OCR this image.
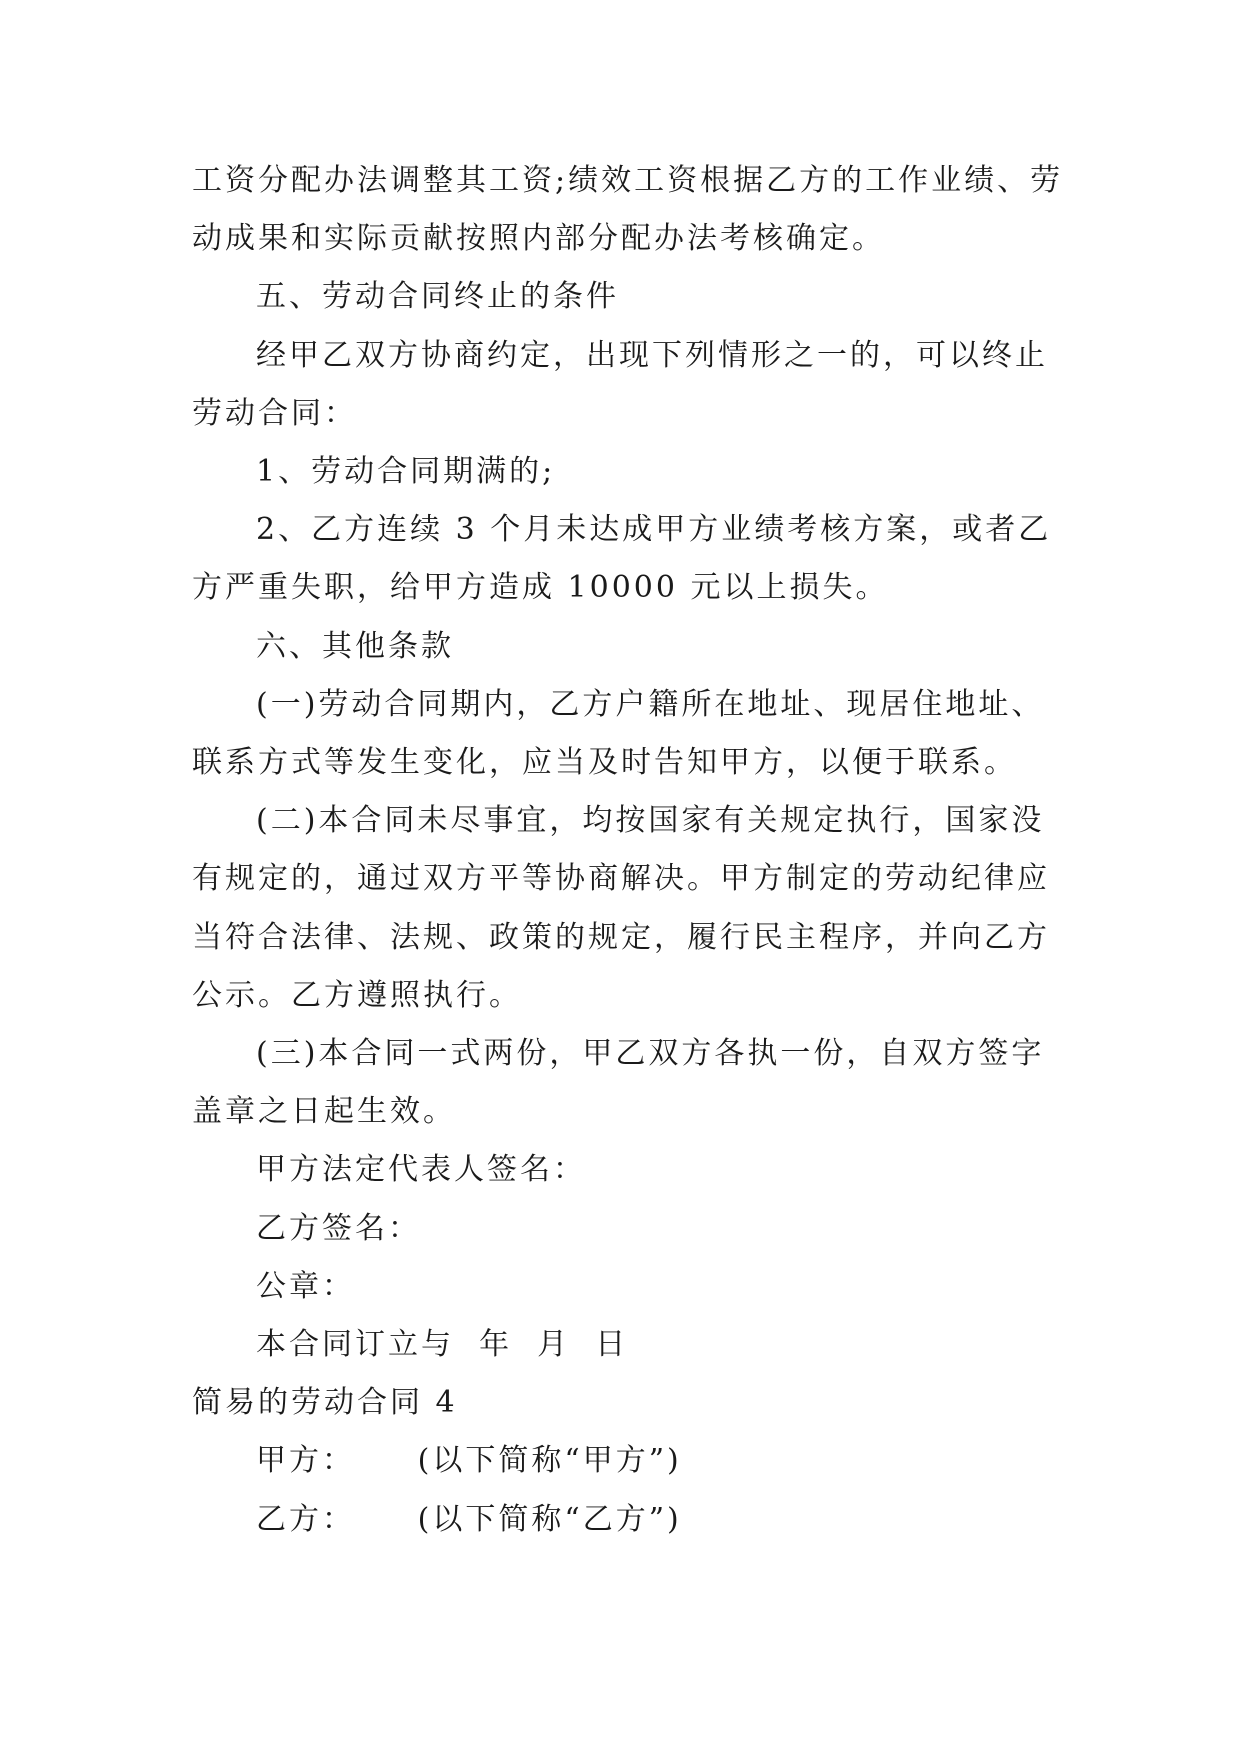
工资分配办法调整其工资;绩效工资根据乙方的工作业绩、劳动成果和实际贡献按照内部分配办法考核确定。

五、劳动合同终止的条件

经甲乙双方协商约定，出现下列情形之一的，可以终止劳动合同：

1、劳动合同期满的;

2、乙方连续 3 个月未达成甲方业绩考核方案，或者乙方严重失职，给甲方造成 10000 元以上损失。

六、其他条款

(一)劳动合同期内，乙方户籍所在地址、现居住地址、联系方式等发生变化，应当及时告知甲方，以便于联系。

(二)本合同未尽事宜，均按国家有关规定执行，国家没有规定的，通过双方平等协商解决。甲方制定的劳动纪律应当符合法律、法规、政策的规定，履行民主程序，并向乙方公示。乙方遵照执行。

(三)本合同一式两份，甲乙双方各执一份，自双方签字盖章之日起生效。

甲方法定代表人签名：

乙方签名：

公章：

本合同订立与  年  月  日

简易的劳动合同 4

甲方：     (以下简称“甲方”)

乙方：     (以下简称“乙方”)
